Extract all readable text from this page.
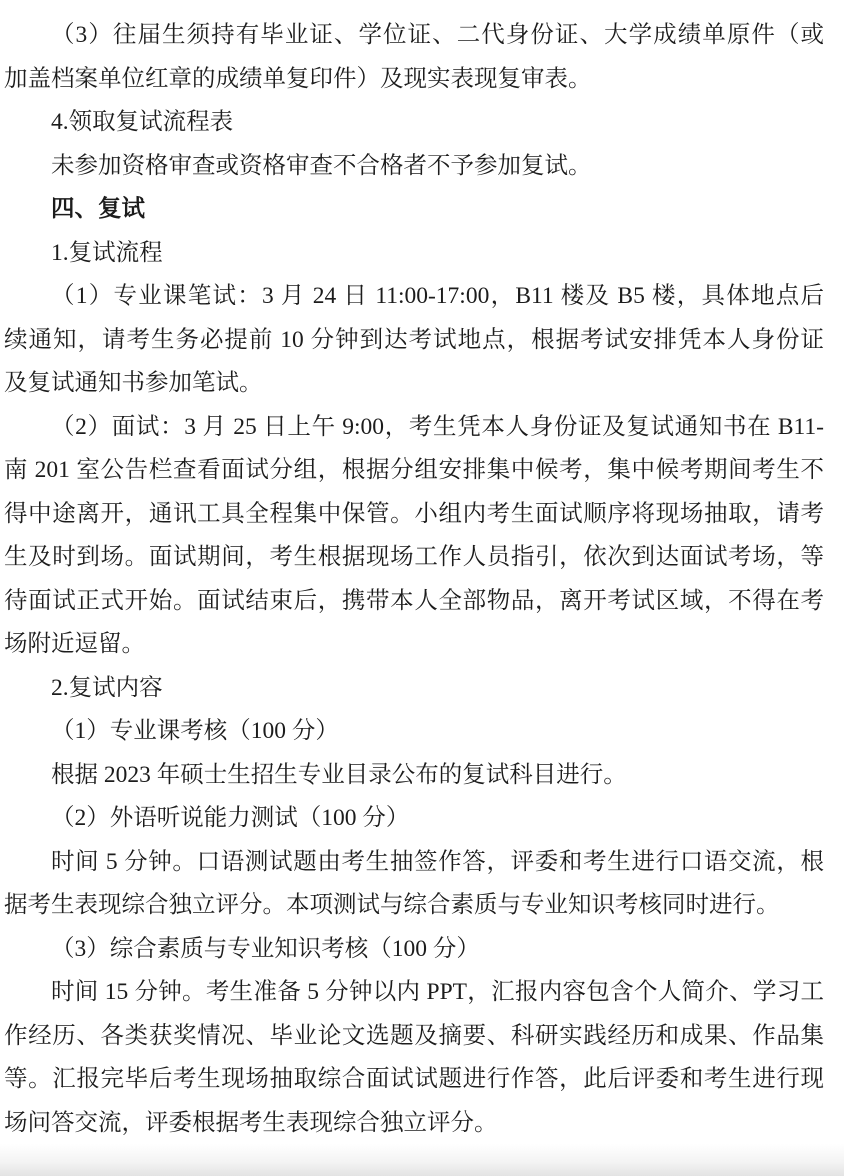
（3）往届生须持有毕业证、学位证、二代身份证、大学成绩单原件（或
加盖档案单位红章的成绩单复印件）及现实表现复审表。
4.领取复试流程表
未参加资格审查或资格审查不合格者不予参加复试。
四、复试
1.复试流程
（1）专业课笔试：3 月 24 日 11:00-17:00，B11 楼及 B5 楼，具体地点后
续通知，请考生务必提前 10 分钟到达考试地点，根据考试安排凭本人身份证
及复试通知书参加笔试。
（2）面试：3 月 25 日上午 9:00，考生凭本人身份证及复试通知书在 B11-
南 201 室公告栏查看面试分组，根据分组安排集中候考，集中候考期间考生不
得中途离开，通讯工具全程集中保管。小组内考生面试顺序将现场抽取，请考
生及时到场。面试期间，考生根据现场工作人员指引，依次到达面试考场，等
待面试正式开始。面试结束后，携带本人全部物品，离开考试区域，不得在考
场附近逗留。
2.复试内容
（1）专业课考核（100 分）
根据 2023 年硕士生招生专业目录公布的复试科目进行。
（2）外语听说能力测试（100 分）
时间 5 分钟。口语测试题由考生抽签作答，评委和考生进行口语交流，根
据考生表现综合独立评分。本项测试与综合素质与专业知识考核同时进行。
（3）综合素质与专业知识考核（100 分）
时间 15 分钟。考生准备 5 分钟以内 PPT，汇报内容包含个人简介、学习工
作经历、各类获奖情况、毕业论文选题及摘要、科研实践经历和成果、作品集
等。汇报完毕后考生现场抽取综合面试试题进行作答，此后评委和考生进行现
场问答交流，评委根据考生表现综合独立评分。
